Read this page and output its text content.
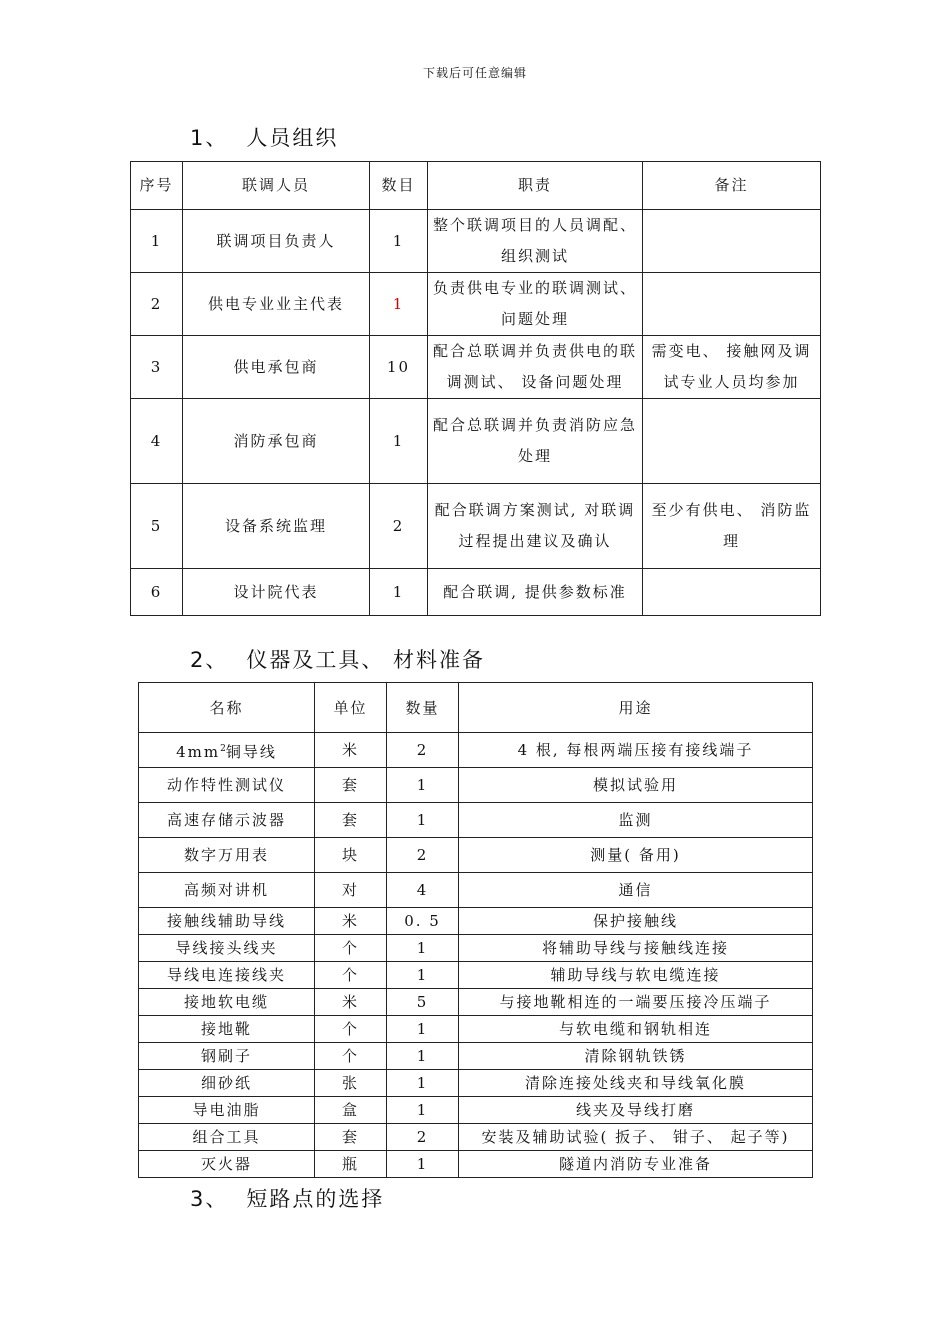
下载后可任意编辑
1、 人员组织
序号	联调人员	数目	职责	备注
1	联调项目负责人	1	整个联调项目的人员调配、 组织测试	
2	供电专业业主代表	1	负责供电专业的联调测试、 问题处理	
3	供电承包商	10	配合总联调并负责供电的联调测试、 设备问题处理	需变电、 接触网及调试专业人员均参加
4	消防承包商	1	配合总联调并负责消防应急处理	
5	设备系统监理	2	配合联调方案测试, 对联调过程提出建议及确认	至少有供电、 消防监理
6	设计院代表	1	配合联调, 提供参数标准	
2、 仪器及工具、 材料准备
名称	单位	数量	用途
$4mm^2$铜导线	米	2	4 根, 每根两端压接有接线端子
动作特性测试仪	套	1	模拟试验用
高速存储示波器	套	1	监测
数字万用表	块	2	测量( 备用)
高频对讲机	对	4	通信
接触线辅助导线	米	0. 5	保护接触线
导线接头线夹	个	1	将辅助导线与接触线连接
导线电连接线夹	个	1	辅助导线与软电缆连接
接地软电缆	米	5	与接地靴相连的一端要压接冷压端子
接地靴	个	1	与软电缆和钢轨相连
钢刷子	个	1	清除钢轨铁锈
细砂纸	张	1	清除连接处线夹和导线氧化膜
导电油脂	盒	1	线夹及导线打磨
组合工具	套	2	安装及辅助试验( 扳子、 钳子、 起子等)
灭火器	瓶	1	隧道内消防专业准备
3、 短路点的选择
